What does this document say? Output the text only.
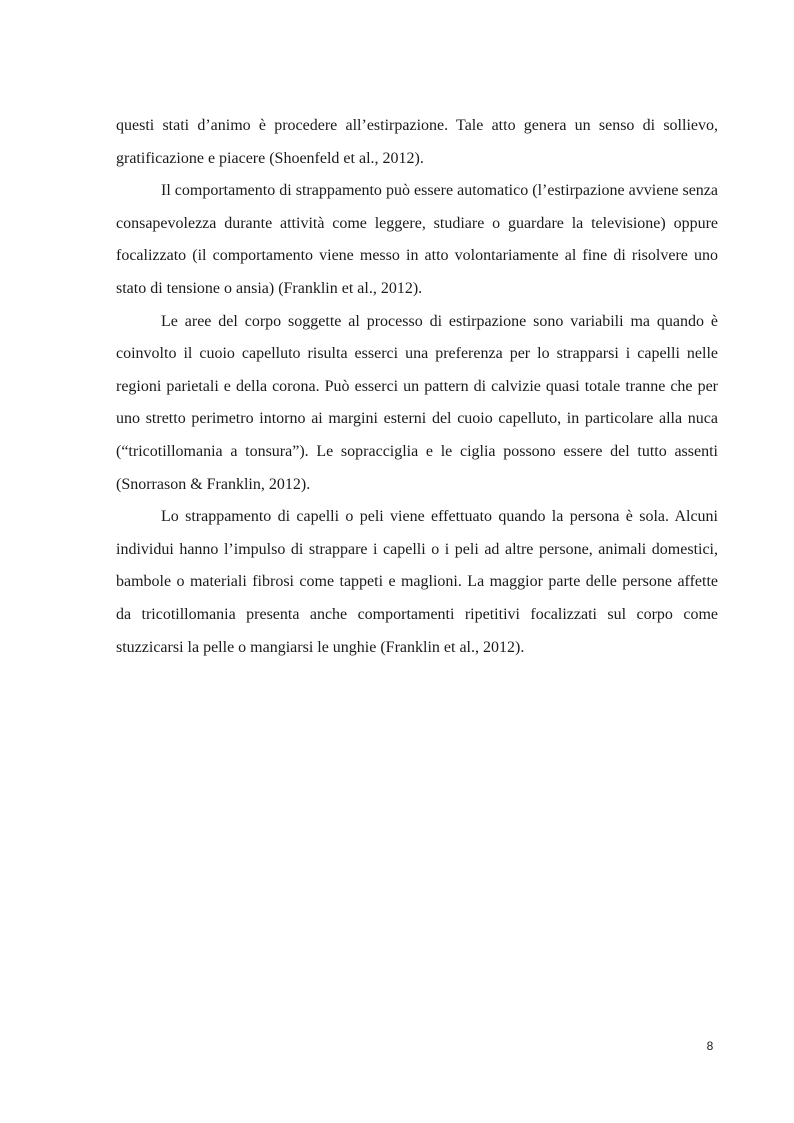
questi stati d’animo è procedere all’estirpazione. Tale atto genera un senso di sollievo, gratificazione e piacere (Shoenfeld et al., 2012).

Il comportamento di strappamento può essere automatico (l’estirpazione avviene senza consapevolezza durante attività come leggere, studiare o guardare la televisione) oppure focalizzato (il comportamento viene messo in atto volontariamente al fine di risolvere uno stato di tensione o ansia) (Franklin et al., 2012).

Le aree del corpo soggette al processo di estirpazione sono variabili ma quando è coinvolto il cuoio capelluto risulta esserci una preferenza per lo strapparsi i capelli nelle regioni parietali e della corona. Può esserci un pattern di calvizie quasi totale tranne che per uno stretto perimetro intorno ai margini esterni del cuoio capelluto, in particolare alla nuca (“tricotillomania a tonsura”). Le sopracciglia e le ciglia possono essere del tutto assenti (Snorrason & Franklin, 2012).

Lo strappamento di capelli o peli viene effettuato quando la persona è sola. Alcuni individui hanno l’impulso di strappare i capelli o i peli ad altre persone, animali domestici, bambole o materiali fibrosi come tappeti e maglioni. La maggior parte delle persone affette da tricotillomania presenta anche comportamenti ripetitivi focalizzati sul corpo come stuzzicarsi la pelle o mangiarsi le unghie (Franklin et al., 2012).

8
